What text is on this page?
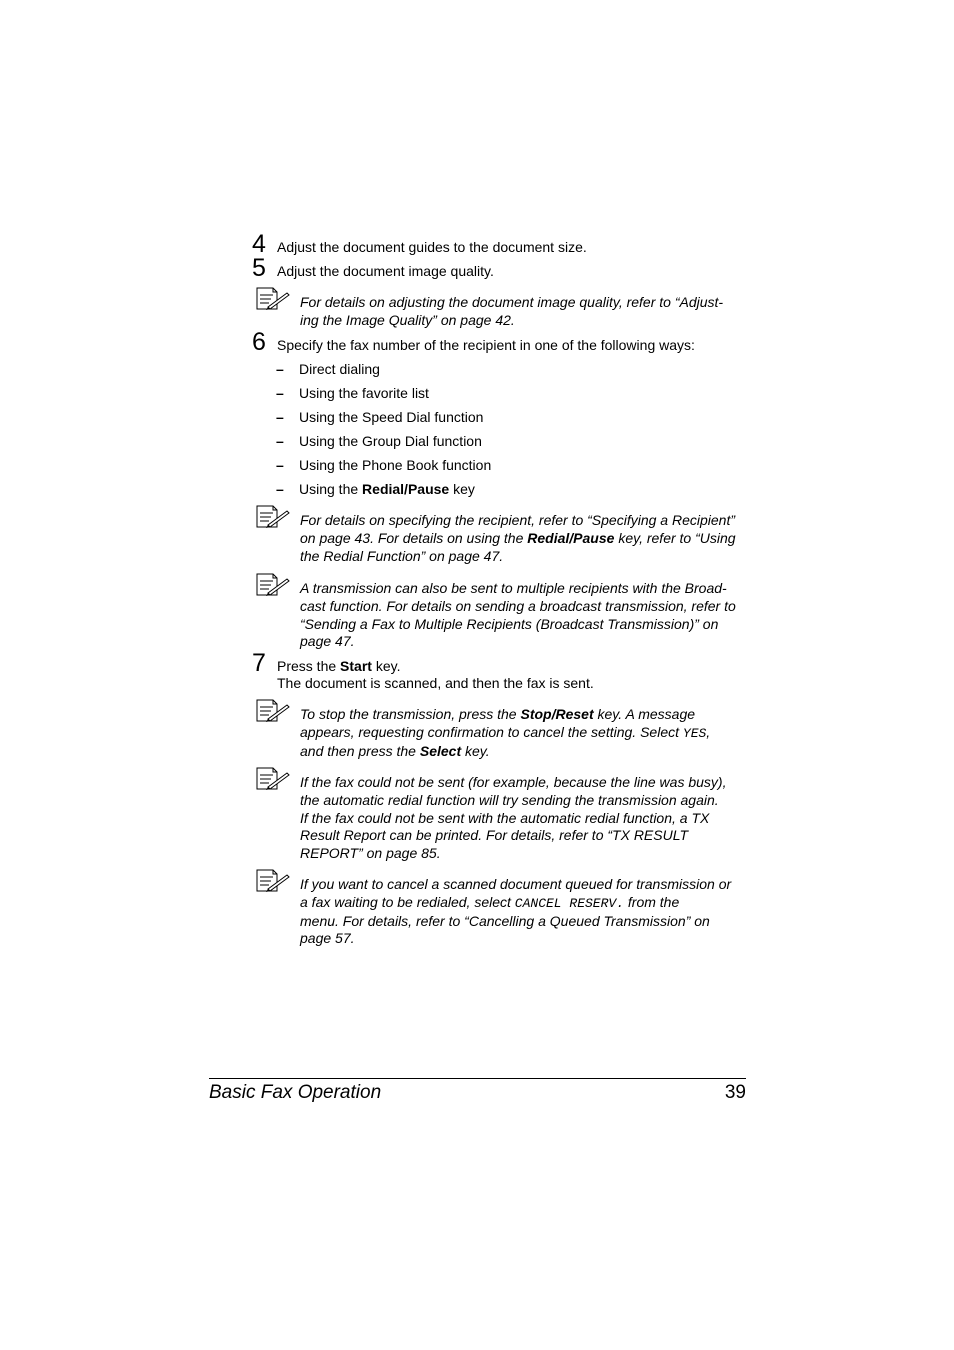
4 Adjust the document guides to the document size.
5 Adjust the document image quality.
For details on adjusting the document image quality, refer to “Adjust-
ing the Image Quality” on page 42.
6 Specify the fax number of the recipient in one of the following ways:
– Direct dialing
– Using the favorite list
– Using the Speed Dial function
– Using the Group Dial function
– Using the Phone Book function
– Using the Redial/Pause key
For details on specifying the recipient, refer to “Specifying a Recipient”
on page 43. For details on using the Redial/Pause key, refer to “Using
the Redial Function” on page 47.
A transmission can also be sent to multiple recipients with the Broad-
cast function. For details on sending a broadcast transmission, refer to
“Sending a Fax to Multiple Recipients (Broadcast Transmission)” on
page 47.
7 Press the Start key.
The document is scanned, and then the fax is sent.
To stop the transmission, press the Stop/Reset key. A message
appears, requesting confirmation to cancel the setting. Select YES,
and then press the Select key.
If the fax could not be sent (for example, because the line was busy),
the automatic redial function will try sending the transmission again.
If the fax could not be sent with the automatic redial function, a TX
Result Report can be printed. For details, refer to “TX RESULT
REPORT” on page 85.
If you want to cancel a scanned document queued for transmission or
a fax waiting to be redialed, select CANCEL RESERV. from the
menu. For details, refer to “Cancelling a Queued Transmission” on
page 57.
Basic Fax Operation	39
